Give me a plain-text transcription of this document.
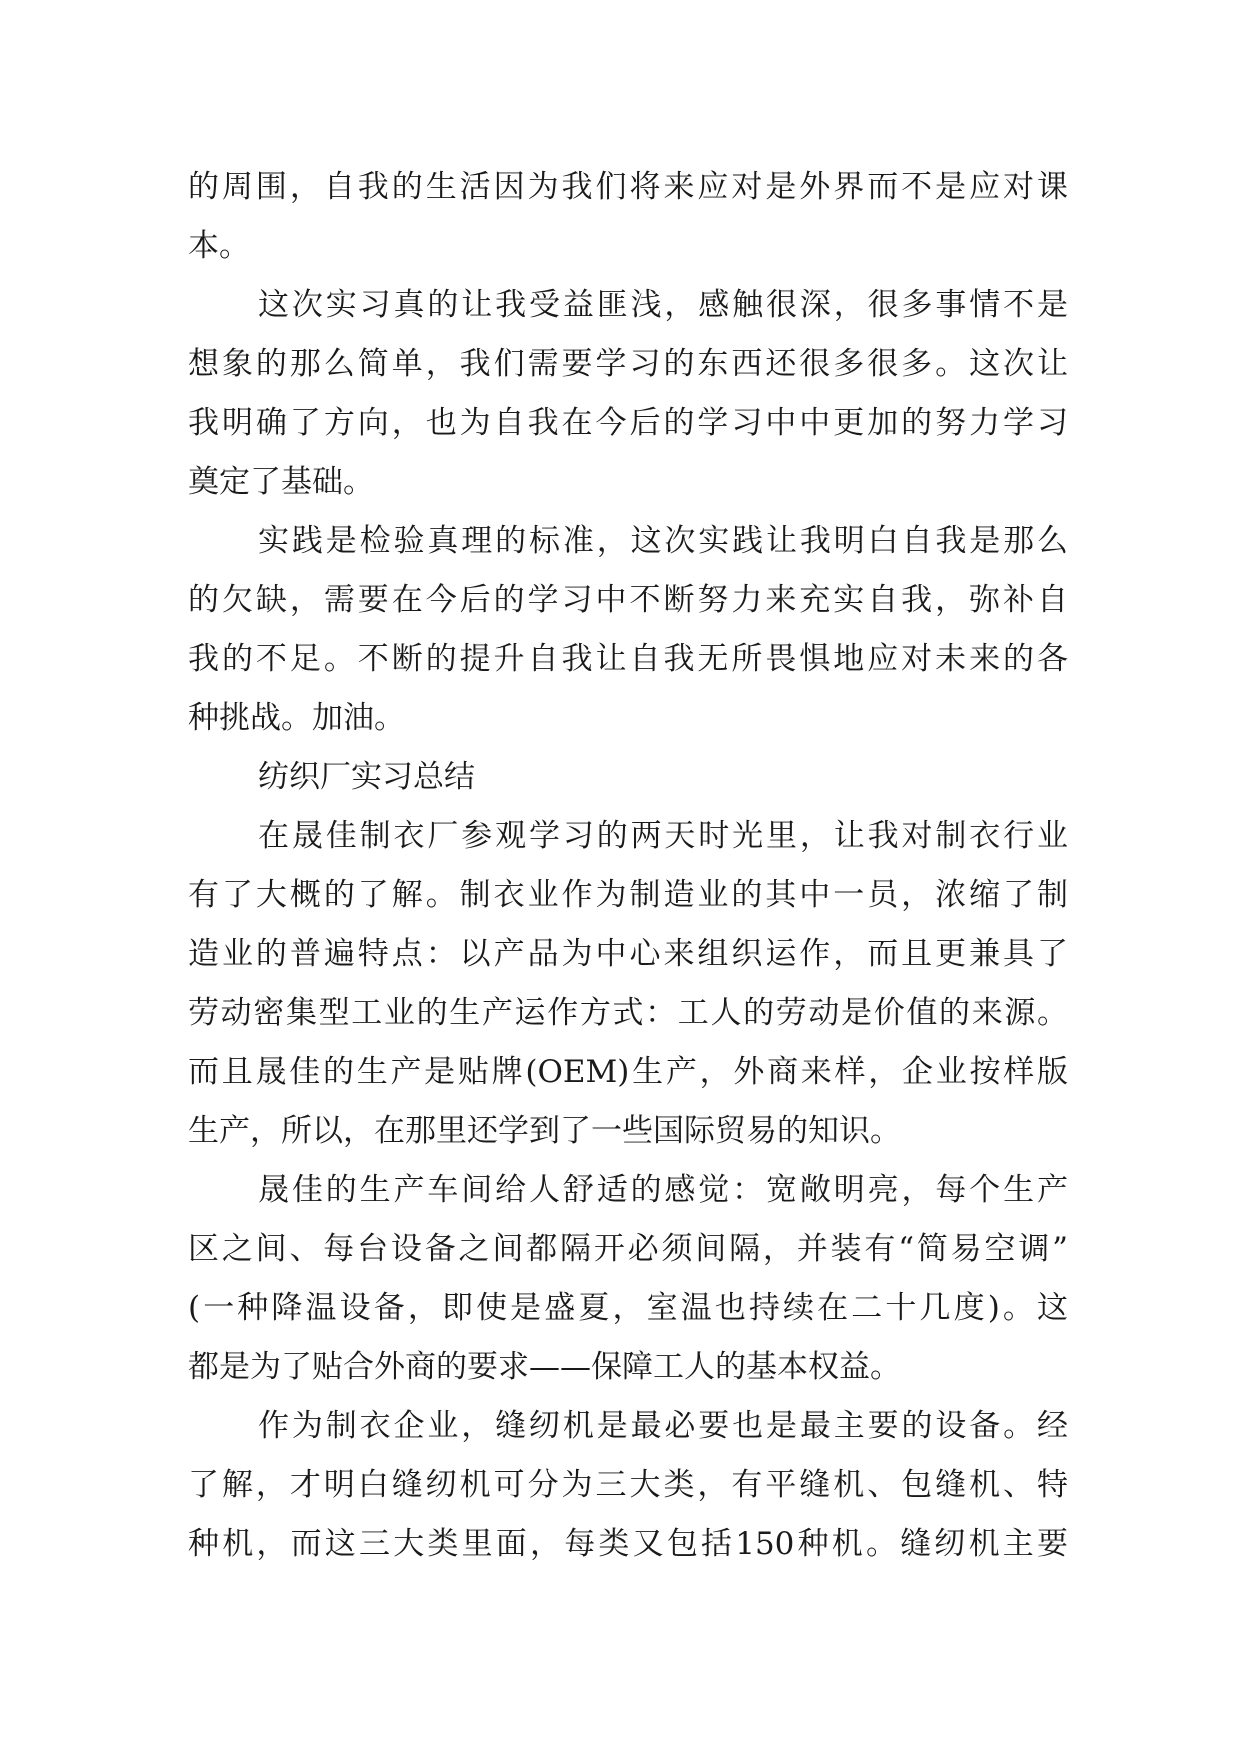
的周围，自我的生活因为我们将来应对是外界而不是应对课
本。
这次实习真的让我受益匪浅，感触很深，很多事情不是
想象的那么简单，我们需要学习的东西还很多很多。这次让
我明确了方向，也为自我在今后的学习中中更加的努力学习
奠定了基础。
实践是检验真理的标准，这次实践让我明白自我是那么
的欠缺，需要在今后的学习中不断努力来充实自我，弥补自
我的不足。不断的提升自我让自我无所畏惧地应对未来的各
种挑战。加油。
纺织厂实习总结
在晟佳制衣厂参观学习的两天时光里，让我对制衣行业
有了大概的了解。制衣业作为制造业的其中一员，浓缩了制
造业的普遍特点：以产品为中心来组织运作，而且更兼具了
劳动密集型工业的生产运作方式：工人的劳动是价值的来源。
而且晟佳的生产是贴牌(OEM)生产，外商来样，企业按样版
生产，所以，在那里还学到了一些国际贸易的知识。
晟佳的生产车间给人舒适的感觉：宽敞明亮，每个生产
区之间、每台设备之间都隔开必须间隔，并装有“简易空调”
(一种降温设备，即使是盛夏，室温也持续在二十几度)。这
都是为了贴合外商的要求——保障工人的基本权益。
作为制衣企业，缝纫机是最必要也是最主要的设备。经
了解，才明白缝纫机可分为三大类，有平缝机、包缝机、特
种机，而这三大类里面，每类又包括150种机。缝纫机主要
